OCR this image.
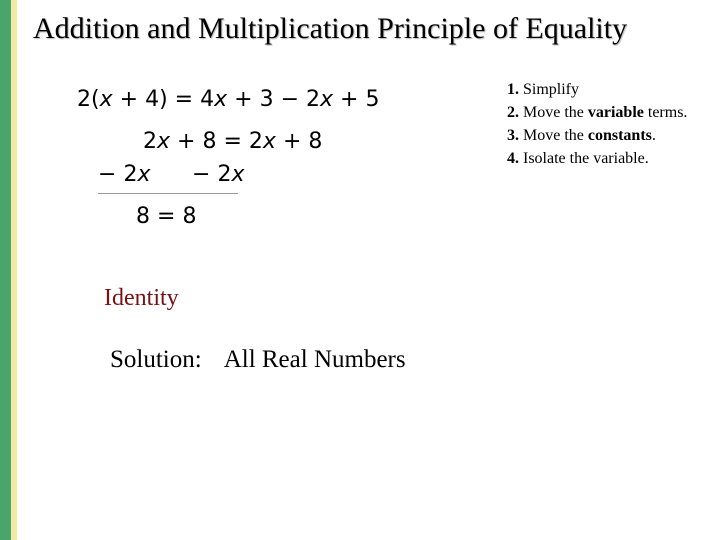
Addition and Multiplication Principle of Equality
2(x + 4) = 4x + 3 − 2x + 5
2x + 8 = 2x + 8
− 2x − 2x
8 = 8
1. Simplify
2. Move the variable terms.
3. Move the constants.
4. Isolate the variable.
Identity
Solution: All Real Numbers
